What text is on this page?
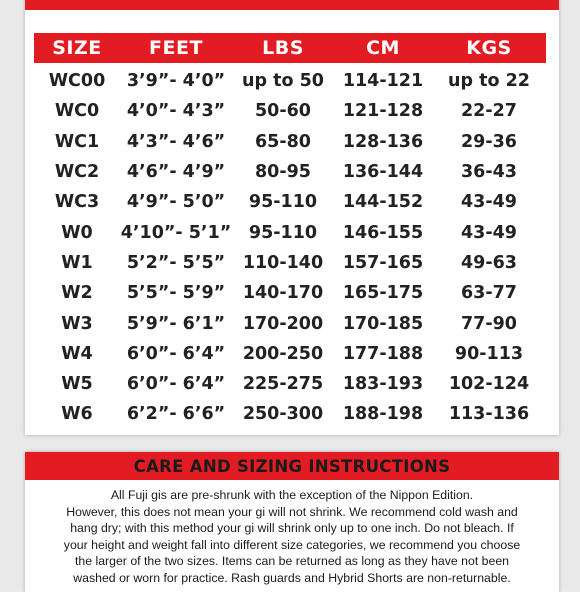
SIZE	FEET	LBS	CM	KGS
WC00	3’9”- 4’0”	up to 50	114-121	up to 22
WC0	4’0”- 4’3”	50-60	121-128	22-27
WC1	4’3”- 4’6”	65-80	128-136	29-36
WC2	4’6”- 4’9”	80-95	136-144	36-43
WC3	4’9”- 5’0”	95-110	144-152	43-49
W0	4’10”- 5’1”	95-110	146-155	43-49
W1	5’2”- 5’5”	110-140	157-165	49-63
W2	5’5”- 5’9”	140-170	165-175	63-77
W3	5’9”- 6’1”	170-200	170-185	77-90
W4	6’0”- 6’4”	200-250	177-188	90-113
W5	6’0”- 6’4”	225-275	183-193	102-124
W6	6’2”- 6’6”	250-300	188-198	113-136
CARE AND SIZING INSTRUCTIONS
All Fuji gis are pre-shrunk with the exception of the Nippon Edition.
However, this does not mean your gi will not shrink. We recommend cold wash and
hang dry; with this method your gi will shrink only up to one inch. Do not bleach. If
your height and weight fall into different size categories, we recommend you choose
the larger of the two sizes. Items can be returned as long as they have not been
washed or worn for practice. Rash guards and Hybrid Shorts are non-returnable.
